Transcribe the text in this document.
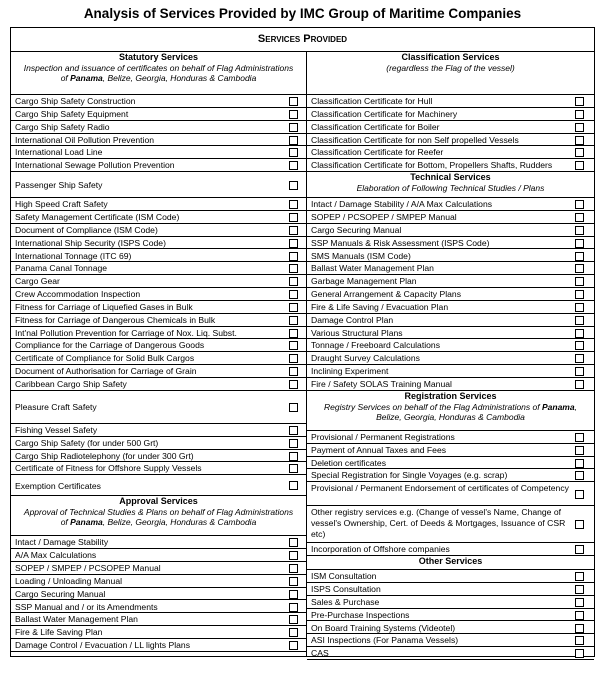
Analysis of Services Provided by IMC Group of Maritime Companies
Services Provided
Statutory Services
Inspection and issuance of certificates on behalf of Flag Administrations
of Panama, Belize, Georgia, Honduras & Cambodia
Cargo Ship Safety Construction
Cargo Ship Safety Equipment
Cargo Ship Safety Radio
International Oil Pollution Prevention
International Load Line
International Sewage Pollution Prevention
Passenger Ship Safety
High Speed Craft Safety
Safety Management Certificate (ISM Code)
Document of Compliance (ISM Code)
International Ship Security (ISPS Code)
International Tonnage (ITC 69)
Panama Canal Tonnage
Cargo Gear
Crew Accommodation Inspection
Fitness for Carriage of Liquefied Gases in Bulk
Fitness for Carriage of Dangerous Chemicals in Bulk
Int'nal Pollution Prevention for Carriage of Nox. Liq. Subst.
Compliance for the Carriage of Dangerous Goods
Certificate of Compliance for Solid Bulk Cargos
Document of Authorisation for Carriage of Grain
Caribbean Cargo Ship Safety
Pleasure Craft Safety
Fishing Vessel Safety
Cargo Ship Safety (for under 500 Grt)
Cargo Ship Radiotelephony (for under 300 Grt)
Certificate of Fitness for Offshore Supply Vessels
Exemption Certificates
Approval Services
Approval of Technical Studies & Plans on behalf of Flag Administrations
of Panama, Belize, Georgia, Honduras & Cambodia
Intact / Damage Stability
A/A Max Calculations
SOPEP / SMPEP / PCSOPEP Manual
Loading / Unloading Manual
Cargo Securing Manual
SSP Manual and / or its Amendments
Ballast Water Management Plan
Fire & Life Saving Plan
Damage Control / Evacuation / LL lights Plans
Classification Services
(regardless the Flag of the vessel)
Classification Certificate for Hull
Classification Certificate for Machinery
Classification Certificate for Boiler
Classification Certificate for non Self propelled Vessels
Classification Certificate for Reefer
Classification Certificate for Bottom, Propellers Shafts, Rudders
Technical Services
Elaboration of Following Technical Studies / Plans
Intact / Damage Stability / A/A Max Calculations
SOPEP / PCSOPEP / SMPEP Manual
Cargo Securing Manual
SSP Manuals & Risk Assessment (ISPS Code)
SMS Manuals (ISM Code)
Ballast Water Management Plan
Garbage Management Plan
General Arrangement & Capacity Plans
Fire & Life Saving / Evacuation Plan
Damage Control Plan
Various Structural Plans
Tonnage / Freeboard Calculations
Draught Survey Calculations
Inclining Experiment
Fire / Safety SOLAS Training Manual
Registration Services
Registry Services on behalf of the Flag Administrations of Panama,
Belize, Georgia, Honduras & Cambodia
Provisional / Permanent Registrations
Payment of Annual Taxes and Fees
Deletion certificates
Special Registration for Single Voyages (e.g. scrap)
Provisional / Permanent Endorsement of certificates of Competency
Other registry services e.g. (Change of vessel's Name, Change of vessel's Ownership, Cert. of Deeds & Mortgages, Issuance of CSR etc)
Incorporation of Offshore companies
Other Services
ISM Consultation
ISPS Consultation
Sales & Purchase
Pre-Purchase Inspections
On Board Training Systems (Videotel)
ASI Inspections (For Panama Vessels)
CAS
